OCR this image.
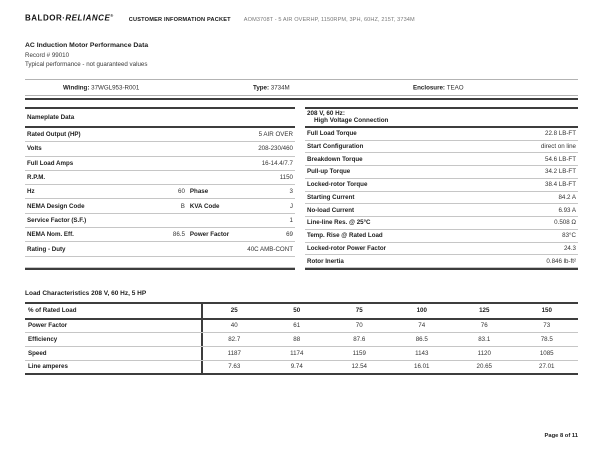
BALDOR·RELIANCE®
CUSTOMER INFORMATION PACKET AOM3708T - 5 AIR OVERHP, 1150RPM, 3PH, 60HZ, 215T, 3734M
AC Induction Motor Performance Data
Record # 99010
Typical performance - not guaranteed values
Winding: 37WGL953-R001	Type: 3734M	Enclosure: TEAO
Nameplate Data
Rated Output (HP)	5 AIR OVER
Volts	208-230/460
Full Load Amps	16-14.4/7.7
R.P.M.	1150
Hz	60 Phase	3
NEMA Design Code	B KVA Code	J
Service Factor (S.F.)	1
NEMA Nom. Eff.	86.5 Power Factor	69
Rating - Duty	40C AMB-CONT
208 V, 60 Hz:
High Voltage Connection
Full Load Torque	22.8 LB-FT
Start Configuration	direct on line
Breakdown Torque	54.6 LB-FT
Pull-up Torque	34.2 LB-FT
Locked-rotor Torque	38.4 LB-FT
Starting Current	84.2 A
No-load Current	6.93 A
Line-line Res. @ 25°C	0.508 Ω
Temp. Rise @ Rated Load	83°C
Locked-rotor Power Factor	24.3
Rotor Inertia	0.846 lb-ft²
Load Characteristics 208 V, 60 Hz, 5 HP
% of Rated Load	25	50	75	100	125	150
Power Factor	40	61	70	74	76	73
Efficiency	82.7	88	87.6	86.5	83.1	78.5
Speed	1187	1174	1159	1143	1120	1085
Line amperes	7.63	9.74	12.54	16.01	20.65	27.01
Page 8 of 11
